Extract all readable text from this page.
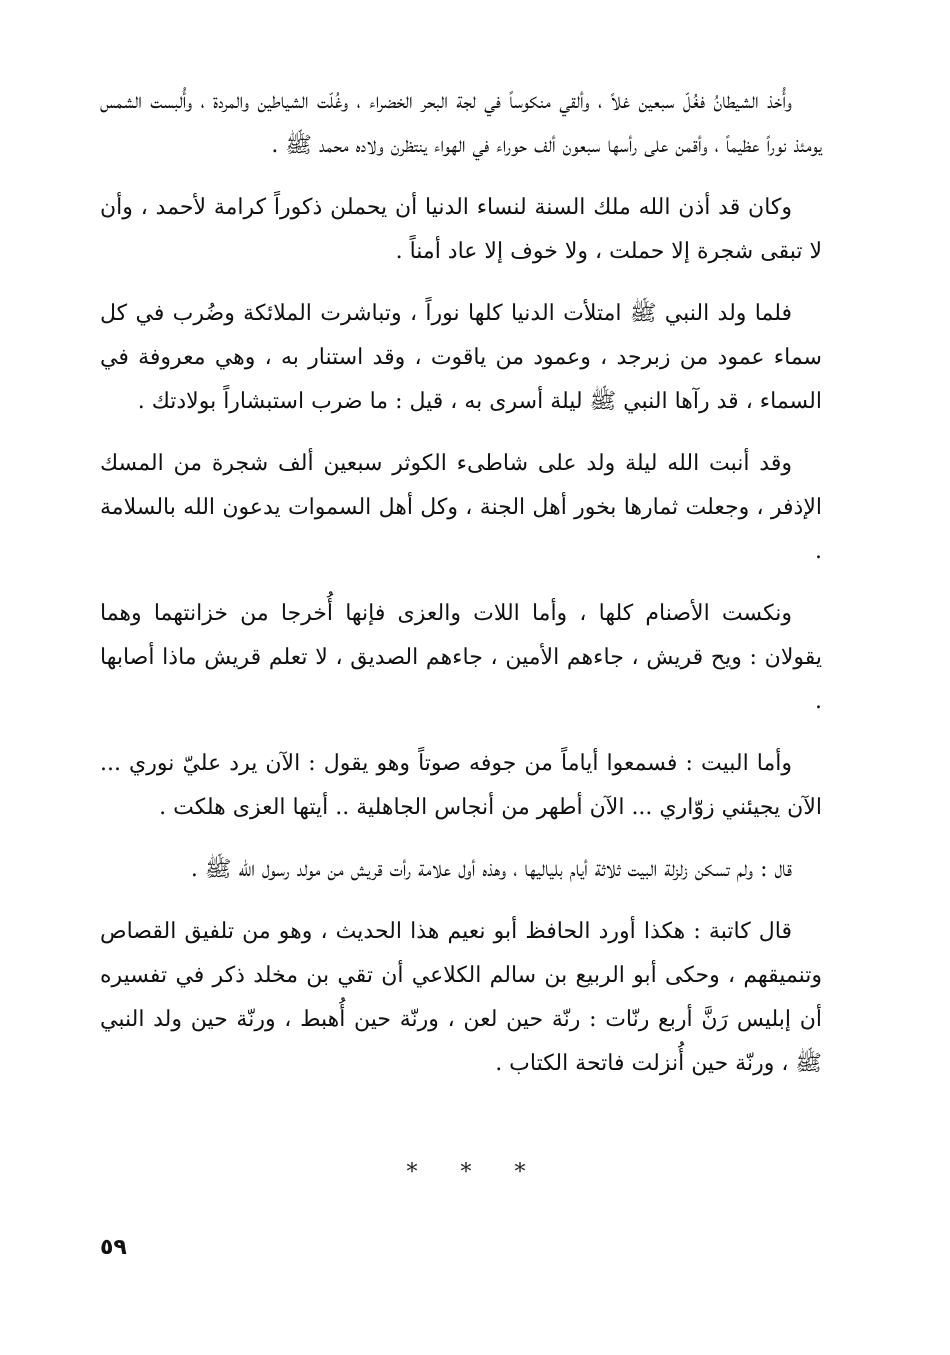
وأُخذ الشيطانُ فغُلّ سبعين غلاً ، وألقي منكوساً في لجة البحر الخضراء ، وغُلّت الشياطين والمردة ، وأُلبست الشمس يومئذ نوراً عظيماً ، وأقمن على رأسها سبعون ألف حوراء في الهواء ينتظرن ولاده محمد ﷺ .

وكان قد أذن الله ملك السنة لنساء الدنيا أن يحملن ذكوراً كرامة لأحمد ، وأن لا تبقى شجرة إلا حملت ، ولا خوف إلا عاد أمناً .

فلما ولد النبي ﷺ امتلأت الدنيا كلها نوراً ، وتباشرت الملائكة وضُرب في كل سماء عمود من زبرجد ، وعمود من ياقوت ، وقد استنار به ، وهي معروفة في السماء ، قد رآها النبي ﷺ ليلة أسرى به ، قيل : ما ضرب استبشاراً بولادتك .

وقد أنبت الله ليلة ولد على شاطىء الكوثر سبعين ألف شجرة من المسك الإذفر ، وجعلت ثمارها بخور أهل الجنة ، وكل أهل السموات يدعون الله بالسلامة .

ونكست الأصنام كلها ، وأما اللات والعزى فإنها أُخرجا من خزانتهما وهما يقولان : ويح قريش ، جاءهم الأمين ، جاءهم الصديق ، لا تعلم قريش ماذا أصابها .

وأما البيت : فسمعوا أياماً من جوفه صوتاً وهو يقول : الآن يرد عليّ نوري ... الآن يجيئني زوّاري ... الآن أطهر من أنجاس الجاهلية .. أيتها العزى هلكت .

قال : ولم تسكن زلزلة البيت ثلاثة أيام بلياليها ، وهذه أول علامة رأت قريش من مولد رسول الله ﷺ .

قال كاتبة : هكذا أورد الحافظ أبو نعيم هذا الحديث ، وهو من تلفيق القصاص وتنميقهم ، وحكى أبو الربيع بن سالم الكلاعي أن تقي بن مخلد ذكر في تفسيره أن إبليس رَنَّ أربع رنّات : رنّة حين لعن ، ورنّة حين أُهبط ، ورنّة حين ولد النبي ﷺ ، ورنّة حين أُنزلت فاتحة الكتاب .

* * *
٥٩
